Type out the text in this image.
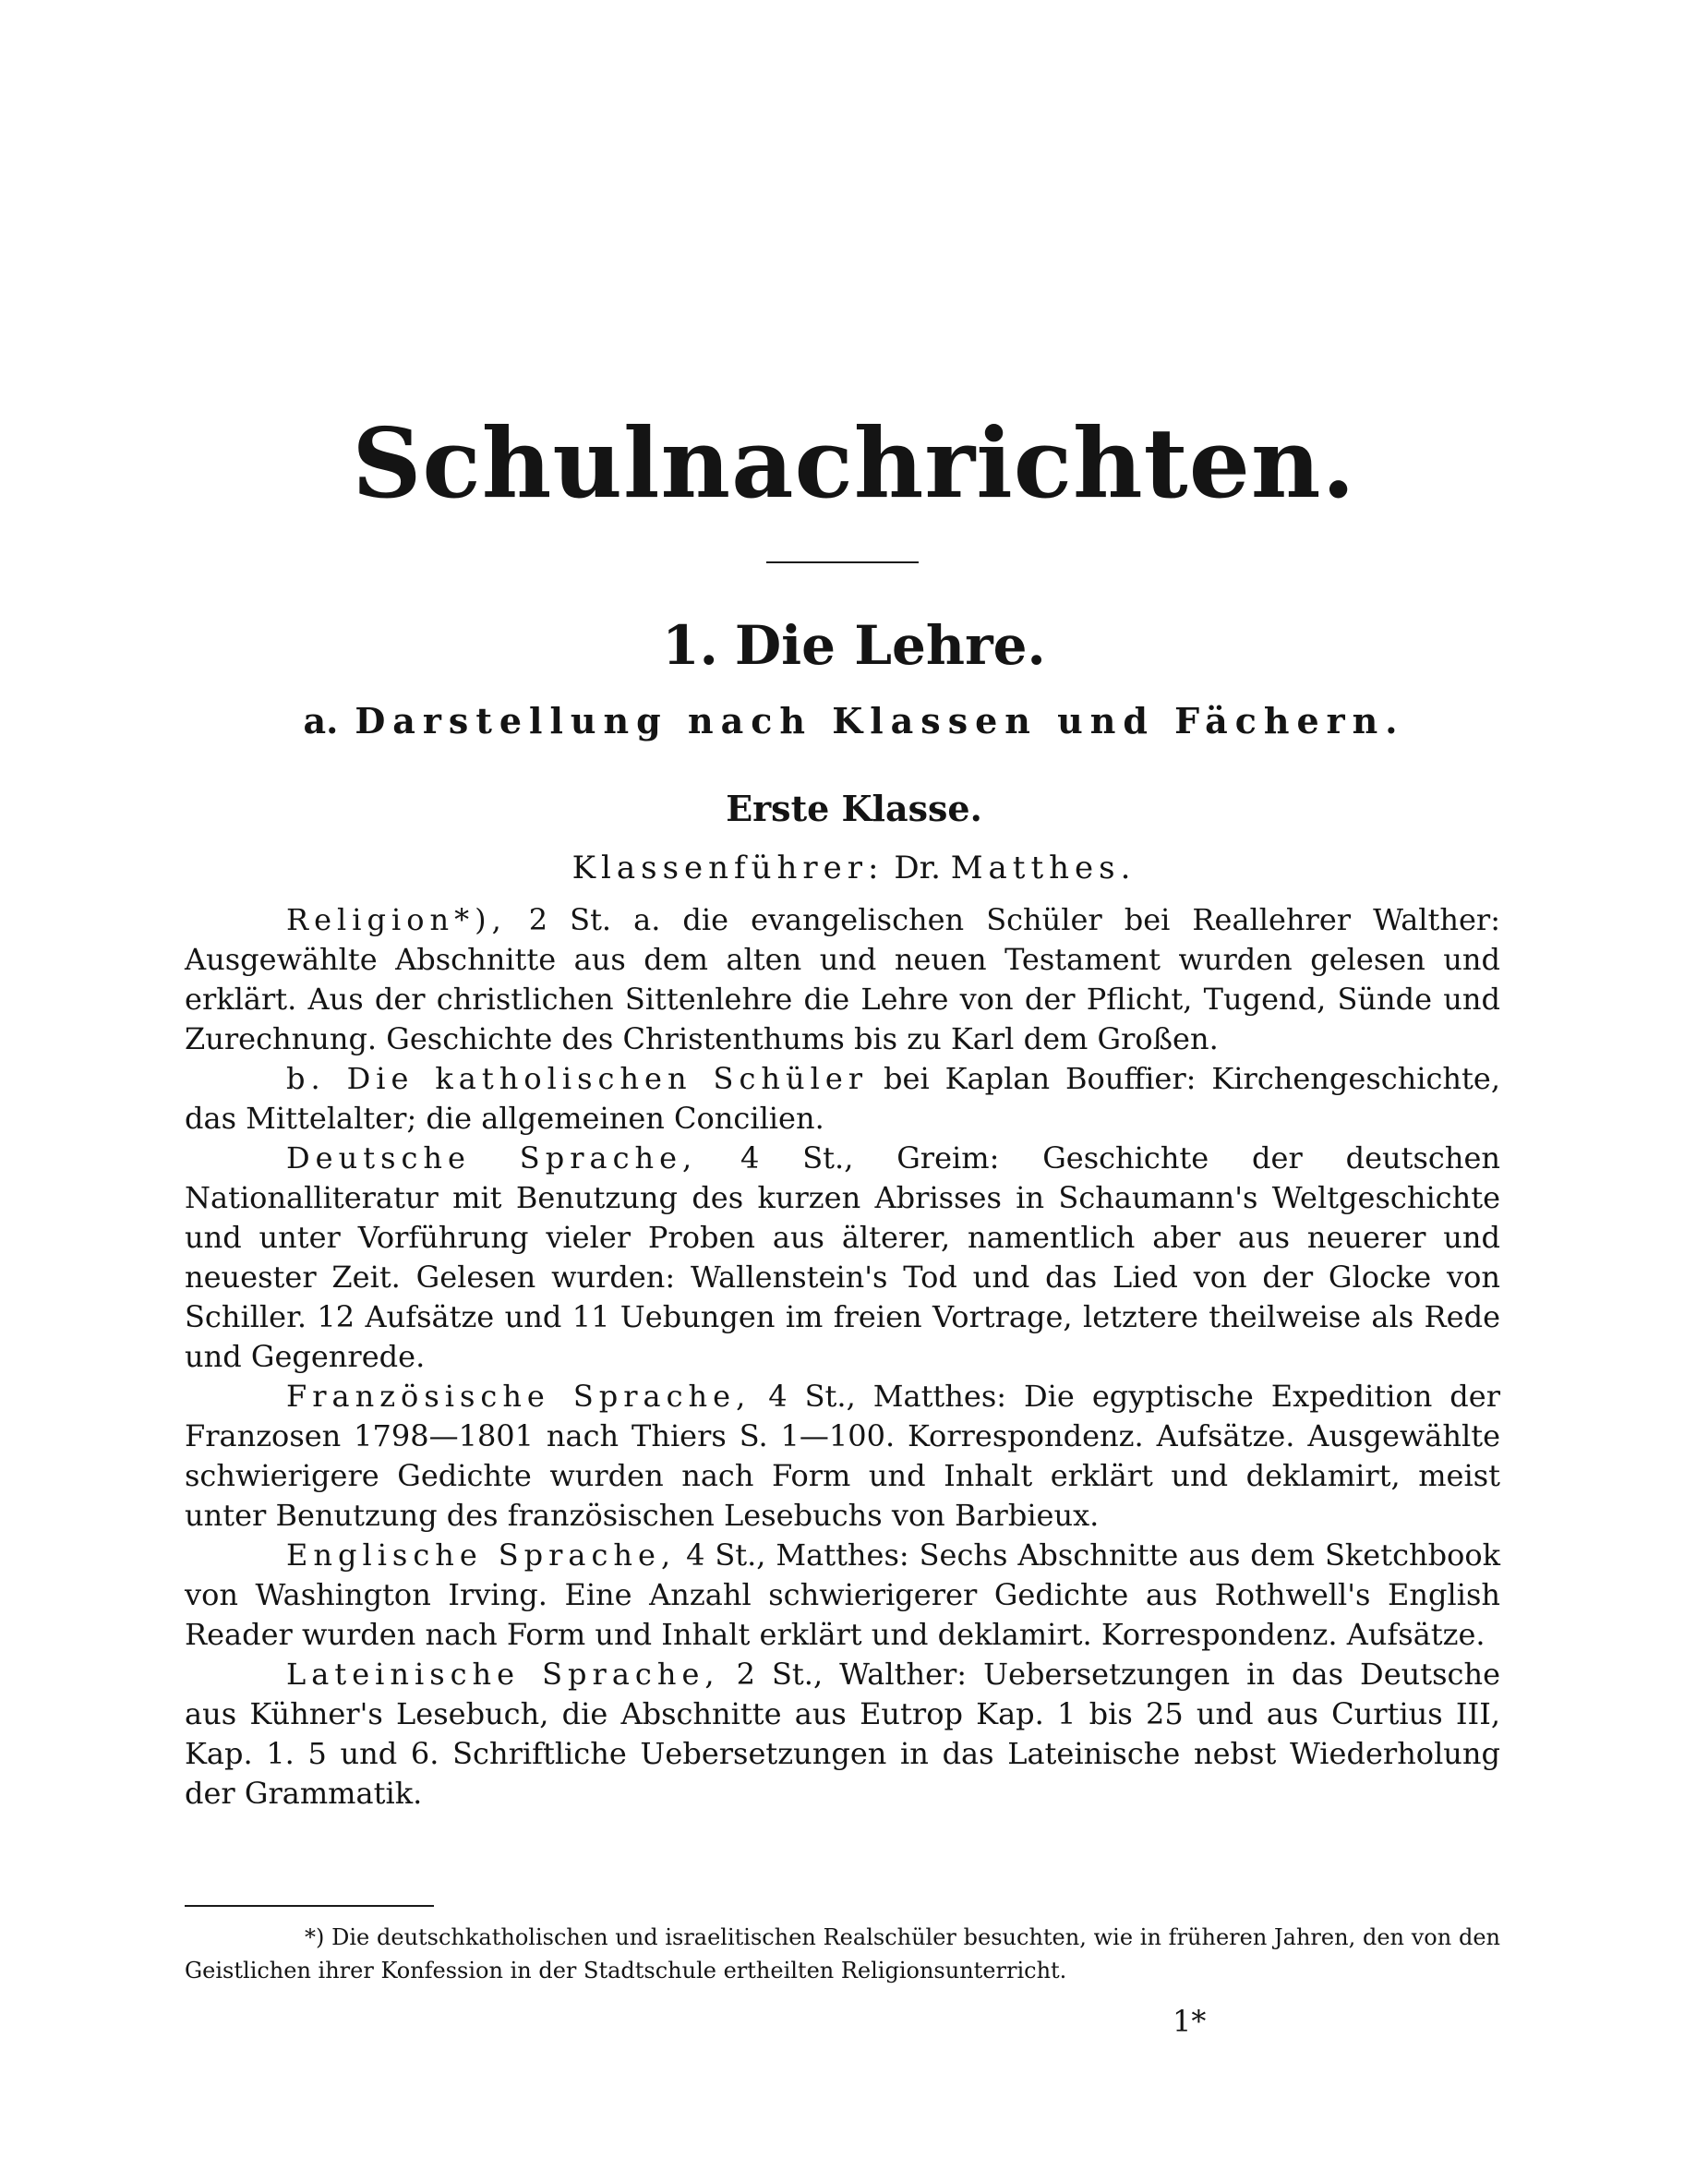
Schulnachrichten.
1. Die Lehre.
a. Darstellung nach Klassen und Fächern.
Erste Klasse.
Klassenführer: Dr. Matthes.

Religion*), 2 St. a. die evangelischen Schüler bei Reallehrer Walther: Ausgewählte Abschnitte aus dem alten und neuen Testament wurden gelesen und erklärt. Aus der christlichen Sittenlehre die Lehre von der Pflicht, Tugend, Sünde und Zurechnung. Geschichte des Christenthums bis zu Karl dem Großen.

b. Die katholischen Schüler bei Kaplan Bouffier: Kirchengeschichte, das Mittelalter; die allgemeinen Concilien.

Deutsche Sprache, 4 St., Greim: Geschichte der deutschen Nationalliteratur mit Benutzung des kurzen Abrisses in Schaumann's Weltgeschichte und unter Vorführung vieler Proben aus älterer, namentlich aber aus neuerer und neuester Zeit. Gelesen wurden: Wallenstein's Tod und das Lied von der Glocke von Schiller. 12 Aufsätze und 11 Uebungen im freien Vortrage, letztere theilweise als Rede und Gegenrede.

Französische Sprache, 4 St., Matthes: Die egyptische Expedition der Franzosen 1798—1801 nach Thiers S. 1—100. Korrespondenz. Aufsätze. Ausgewählte schwierigere Gedichte wurden nach Form und Inhalt erklärt und deklamirt, meist unter Benutzung des französischen Lesebuchs von Barbieux.

Englische Sprache, 4 St., Matthes: Sechs Abschnitte aus dem Sketchbook von Washington Irving. Eine Anzahl schwierigerer Gedichte aus Rothwell's English Reader wurden nach Form und Inhalt erklärt und deklamirt. Korrespondenz. Aufsätze.

Lateinische Sprache, 2 St., Walther: Uebersetzungen in das Deutsche aus Kühner's Lesebuch, die Abschnitte aus Eutrop Kap. 1 bis 25 und aus Curtius III, Kap. 1. 5 und 6. Schriftliche Uebersetzungen in das Lateinische nebst Wiederholung der Grammatik.

*) Die deutschkatholischen und israelitischen Realschüler besuchten, wie in früheren Jahren, den von den Geistlichen ihrer Konfession in der Stadtschule ertheilten Religionsunterricht.

1*
